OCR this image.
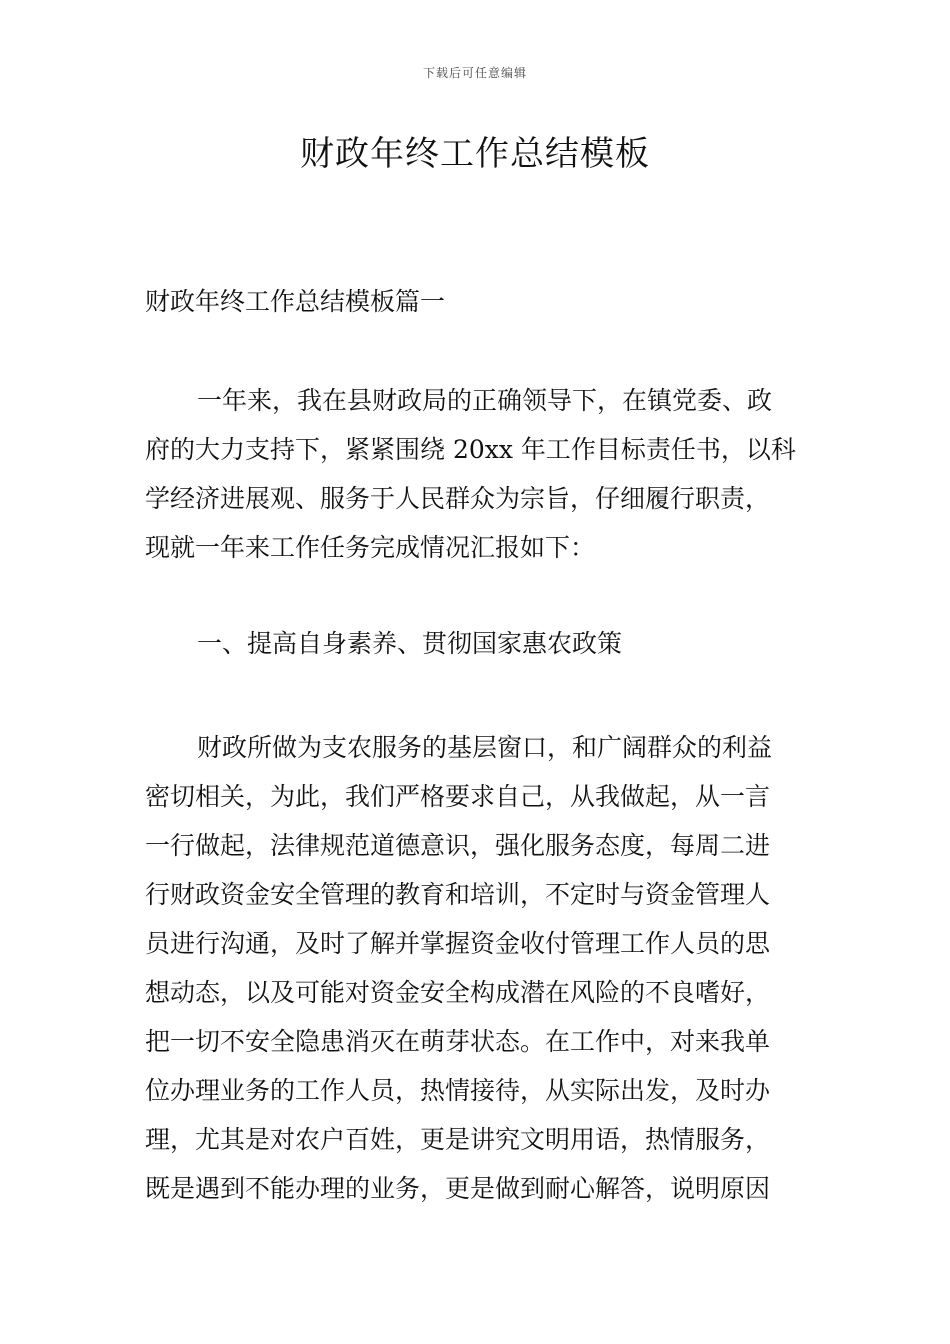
下载后可任意编辑
财政年终工作总结模板
财政年终工作总结模板篇一
一年来，我在县财政局的正确领导下，在镇党委、政
府的大力支持下，紧紧围绕 20xx 年工作目标责任书，以科
学经济进展观、服务于人民群众为宗旨，仔细履行职责，
现就一年来工作任务完成情况汇报如下：
一、提高自身素养、贯彻国家惠农政策
财政所做为支农服务的基层窗口，和广阔群众的利益
密切相关，为此，我们严格要求自己，从我做起，从一言
一行做起，法律规范道德意识，强化服务态度，每周二进
行财政资金安全管理的教育和培训，不定时与资金管理人
员进行沟通，及时了解并掌握资金收付管理工作人员的思
想动态，以及可能对资金安全构成潜在风险的不良嗜好，
把一切不安全隐患消灭在萌芽状态。在工作中，对来我单
位办理业务的工作人员，热情接待，从实际出发，及时办
理，尤其是对农户百姓，更是讲究文明用语，热情服务，
既是遇到不能办理的业务，更是做到耐心解答，说明原因
